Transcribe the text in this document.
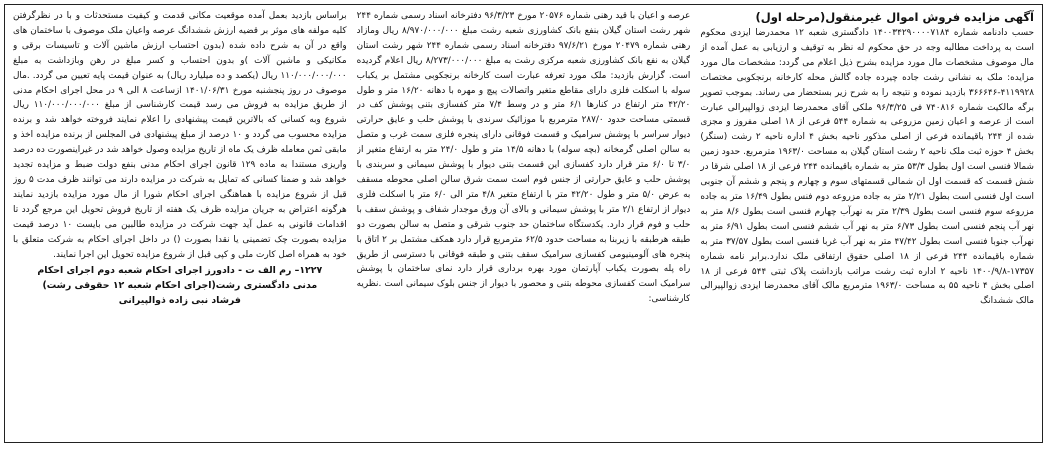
آگهی مزایده فروش اموال غیرمنقول(مرحله اول)

حسب دادنامه شماره ۱۴۰۰۳۴۲۹۰۰۰۰۷۱۸۴ دادگستری شعبه ۱۲ محمدرضا ایزدی محکوم است به پرداخت مطالبه وجه در حق محکوم له نظر به توقیف و ارزیابی به عمل آمده از مال موصوف مشخصات مال مورد مزایده بشرح ذیل اعلام می گردد: مشخصات مال مورد مزایده: ملک به نشانی رشت جاده چیرده جاده گالش محله کارخانه برنجکوبی مختصات ۴۱۱۹۹۲۸-۳۶۶۶۴۶ بازدید نموده و نتیجه را به شرح زیر بستحضار می رساند. بموجب تصویر برگه مالکیت شماره ۷۴۰۸۱۶ فی ۹۶/۳/۲۵ ملکی آقای محمدرضا ایزدی زوالپیرالی عبارت است از عرصه و اعیان زمین مزروعی به شماره ۵۴۴ فرعی از ۱۸ اصلی مفروز و مجزی شده از ۲۴۴ باقیمانده فرعی از اصلی مذکور ناحیه بخش ۴ اداره ناحیه ۲ رشت (سنگر) بخش ۴ حوزه ثبت ملک ناحیه ۲ رشت استان گیلان به مساحت ۱۹۶۳/۰ مترمربع. حدود زمین شمالا فنسی است اول بطول ۵۳/۳ متر به شماره باقیمانده ۲۴۴ فرعی از ۱۸ اصلی شرقا در شش قسمت که قسمت اول ان شمالی قسمتهای سوم و چهارم و پنجم و ششم آن جنوبی است اول فنسی است بطول ۲/۲۱ متر به جاده مزروعه دوم فنس بطول ۱۶/۴۹ متر به جاده مزروعه سوم فنسی است بطول ۲/۳۹ متر به نهرآب چهارم فنسی است بطول ۸/۶ متر به نهر آب پنجم فنسی است بطول ۶/۷۳ متر به نهر آب ششم فنسی است بطول ۶/۹۱ متر به نهرآب جنوبا فنسی است بطول ۴۷/۴۲ متر به نهر آب غربا فنسی است بطول ۳۷/۵۷ متر به شماره باقیمانده ۲۴۴ فرعی از ۱۸ اصلی حقوق ارتفاقی ملک ندارد.برابر نامه شماره ۱۷۳۵۷-۱۴۰۰/۹/۸ ناحیه ۲ اداره ثبت رشت مراتب بازداشت پلاک ثبتی ۵۴۴ فرعی از ۱۸ اصلی بخش ۴ ناحیه ۵۵ به مساحت ۱۹۶۳/۰ مترمربع مالک آقای محمدرضا ایزدی زوالپیرالی مالک ششدانگ

عرصه و اعیان با قید رهنی شماره ۲۰۵۷۶ مورخ ۹۶/۳/۲۳ دفترخانه اسناد رسمی شماره ۲۴۴ شهر رشت استان گیلان بنفع بانک کشاورزی شعبه رشت مبلغ ۸/۹۷۰/۰۰۰/۰۰۰ ریال ومازاد رهنی شماره ۲۰۴۷۹ مورخ ۹۷/۶/۲۱ دفترخانه اسناد رسمی شماره ۲۴۴ شهر رشت استان گیلان به نفع بانک کشاورزی شعبه مرکزی رشت به مبلغ ۸/۲۷۳/۰۰۰/۰۰۰ ریال اعلام گردیده است. گزارش بازدید: ملک مورد تعرفه عبارت است کارخانه برنجکوبی مشتمل بر یکباب سوله با اسکلت فلزی دارای مقاطع متغیر واتصالات پیچ و مهره با دهانه ۱۶/۲۰ متر و طول ۴۲/۲۰ متر ارتفاع در کنارها ۶/۱ متر و در وسط ۷/۴ متر کفسازی بتنی پوشش کف در قسمتی مساحت حدود ۲۸۷/۰ مترمربع با موزائیک سرندی با پوشش حلب و عایق حرارتی دیوار سراسر با پوشش سرامیک و قسمت فوقانی دارای پنجره فلزی سمت غرب و متصل به سالن اصلی گرمخانه (بچه سوله) با دهانه ۱۴/۵ متر و طول ۲۴/۰ متر به ارتفاع متغیر از ۳/۰ تا ۶/۰ متر قرار دارد کفسازی این قسمت بتنی دیوار با پوشش سیمانی و سربندی با پوشش حلب و عایق حرارتی از جنس فوم است سمت شرق سالن اصلی محوطه مسقف به عرض ۵/۰ متر و طول ۴۲/۲۰ متر با ارتفاع متغیر ۴/۸ متر الی ۶/۰ متر با اسکلت فلزی دیوار از ارتفاع ۲/۱ متر با پوشش سیمانی و بالای آن ورق موجدار شفاف و پوشش سقف با حلب و فوم قرار دارد. یکدستگاه ساختمان حد جنوب شرقی و متصل به سالن بصورت دو طبقه هرطبقه با زیربنا به مساحت حدود ۶۲/۵ مترمربع قرار دارد همکف مشتمل بر ۲ اتاق با پنجره های آلومینیومی کفسازی سرامیک سقف بتنی و طبقه فوقانی با دسترسی از طریق راه پله بصورت یکباب آپارتمان مورد بهره برداری قرار دارد نمای ساختمان با پوشش سرامیک است کفسازی محوطه بتنی و محصور با دیوار از جنس بلوک سیمانی است .نظریه کارشناسی:

براساس بازدید بعمل آمده موقعیت مکانی قدمت و کیفیت مستحدثات و با در نظرگرفتن کلیه مولفه های موثر بر قضیه ارزش ششدانگ عرصه واعیان ملک موصوف با ساختمان های واقع در آن به شرح داده شده (بدون احتساب ارزش ماشین آلات و تاسیسات برقی و مکانیکی و ماشین آلات )و بدون احتساب و کسر مبلغ در رهن وبازداشت به مبلغ ۱۱۰/۰۰۰/۰۰۰/۰۰۰ ریال (یکصد و ده میلیارد ریال) به عنوان قیمت پایه تعیین می گردد. .مال موصوف در روز پنجشنبه مورخ ۱۴۰۱/۰۶/۳۱ ازساعت ۸ الی ۹ در محل اجرای احکام مدنی از طریق مزایده به فروش می رسد قیمت کارشناسی از مبلغ ۱۱۰/۰۰۰/۰۰۰/۰۰۰ ریال شروع وبه کسانی که بالاترین قیمت پیشنهادی را اعلام نمایند فروخته خواهد شد و برنده مزایده محسوب می گردد و ۱۰ درصد از مبلغ پیشنهادی فی المجلس از برنده مزایده اخذ و مابقی ثمن معامله ظرف یک ماه از تاریخ مزایده وصول خواهد شد در غیراینصورت ده درصد واریزی مستندا به ماده ۱۲۹ قانون اجرای احکام مدنی بنفع دولت ضبط و مزایده تجدید خواهد شد و ضمنا کسانی که تمایل به شرکت در مزایده دارند می توانند ظرف مدت ۵ روز قبل از شروع مزایده با هماهنگی اجرای احکام شورا از مال مورد مزایده بازدید نمایند هرگونه اعتراض به جریان مزایده ظرف یک هفته از تاریخ فروش تحویل این مرجع گردد تا اقدامات قانونی به عمل آید جهت شرکت در مزایده طالبین می بایست ۱۰ درصد قیمت مزایده بصورت چک تضمینی یا نقدا بصورت () در داخل اجرای احکام به شرکت متعلق با خود به همراه اصل کارت ملی و کپی قبل از شروع مزایده تحویل این اجرا نمایند.

۱۲۲۷– رم الف ت - دادورز اجرای احکام شعبه دوم اجرای احکام
مدنی دادگستری رشت(اجرای احکام شعبه ۱۲ حقوقی رشت)
فرشاد نبی زاده ذوالپیرانی
